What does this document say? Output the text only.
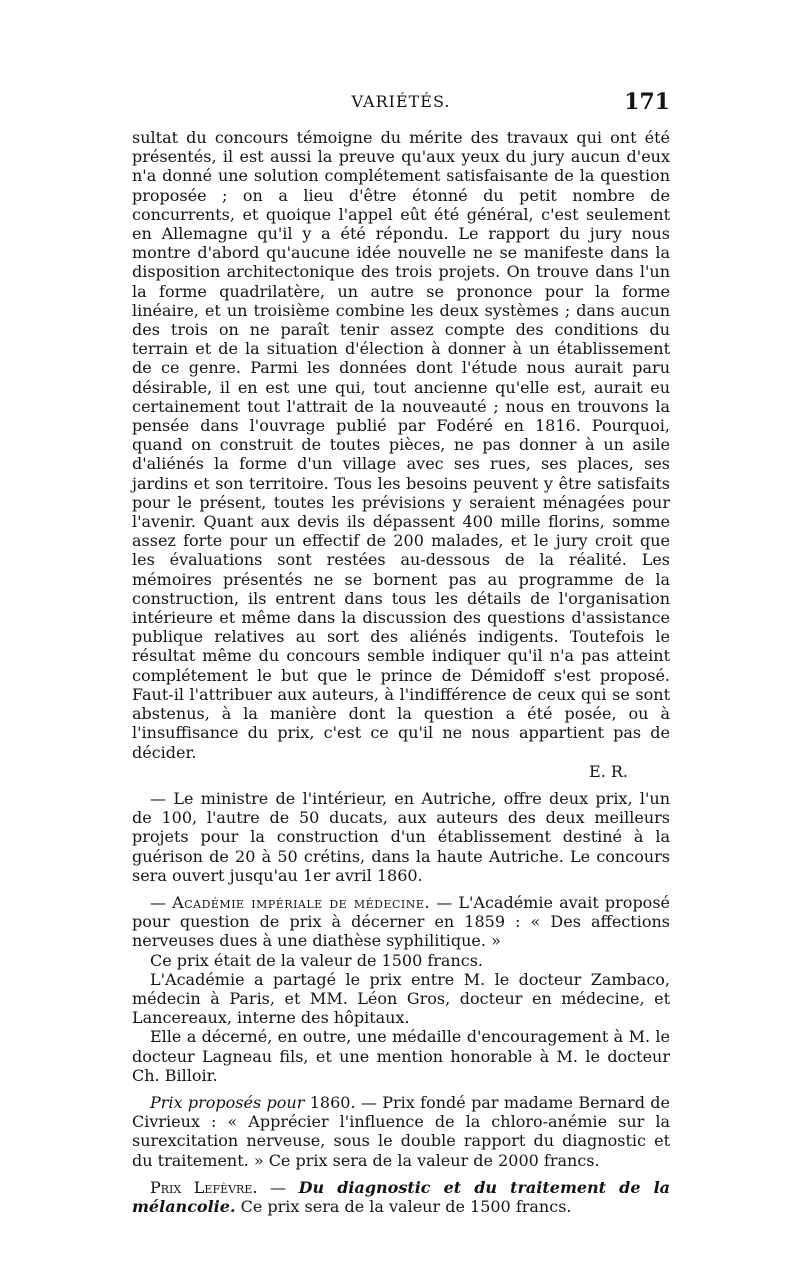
VARIÉTÉS.	171

sultat du concours témoigne du mérite des travaux qui ont été présentés, il est aussi la preuve qu'aux yeux du jury aucun d'eux n'a donné une solution complétement satisfaisante de la question proposée ; on a lieu d'être étonné du petit nombre de concurrents, et quoique l'appel eût été général, c'est seulement en Allemagne qu'il y a été répondu. Le rapport du jury nous montre d'abord qu'aucune idée nouvelle ne se manifeste dans la disposition architectonique des trois projets. On trouve dans l'un la forme quadrilatère, un autre se prononce pour la forme linéaire, et un troisième combine les deux systèmes ; dans aucun des trois on ne paraît tenir assez compte des conditions du terrain et de la situation d'élection à donner à un établissement de ce genre. Parmi les données dont l'étude nous aurait paru désirable, il en est une qui, tout ancienne qu'elle est, aurait eu certainement tout l'attrait de la nouveauté ; nous en trouvons la pensée dans l'ouvrage publié par Fodéré en 1816. Pourquoi, quand on construit de toutes pièces, ne pas donner à un asile d'aliénés la forme d'un village avec ses rues, ses places, ses jardins et son territoire. Tous les besoins peuvent y être satisfaits pour le présent, toutes les prévisions y seraient ménagées pour l'avenir. Quant aux devis ils dépassent 400 mille florins, somme assez forte pour un effectif de 200 malades, et le jury croit que les évaluations sont restées au-dessous de la réalité. Les mémoires présentés ne se bornent pas au programme de la construction, ils entrent dans tous les détails de l'organisation intérieure et même dans la discussion des questions d'assistance publique relatives au sort des aliénés indigents. Toutefois le résultat même du concours semble indiquer qu'il n'a pas atteint complétement le but que le prince de Démidoff s'est proposé. Faut-il l'attribuer aux auteurs, à l'indifférence de ceux qui se sont abstenus, à la manière dont la question a été posée, ou à l'insuffisance du prix, c'est ce qu'il ne nous appartient pas de décider.

E. R.

— Le ministre de l'intérieur, en Autriche, offre deux prix, l'un de 100, l'autre de 50 ducats, aux auteurs des deux meilleurs projets pour la construction d'un établissement destiné à la guérison de 20 à 50 crétins, dans la haute Autriche. Le concours sera ouvert jusqu'au 1er avril 1860.

— Académie impériale de médecine. — L'Académie avait proposé pour question de prix à décerner en 1859 : « Des affections nerveuses dues à une diathèse syphilitique. »

Ce prix était de la valeur de 1500 francs.

L'Académie a partagé le prix entre M. le docteur Zambaco, médecin à Paris, et MM. Léon Gros, docteur en médecine, et Lancereaux, interne des hôpitaux.

Elle a décerné, en outre, une médaille d'encouragement à M. le docteur Lagneau fils, et une mention honorable à M. le docteur Ch. Billoir.

Prix proposés pour 1860. — Prix fondé par madame Bernard de Civrieux : « Apprécier l'influence de la chloro-anémie sur la surexcitation nerveuse, sous le double rapport du diagnostic et du traitement. » Ce prix sera de la valeur de 2000 francs.

Prix Lefèvre. — Du diagnostic et du traitement de la mélancolie. Ce prix sera de la valeur de 1500 francs.
